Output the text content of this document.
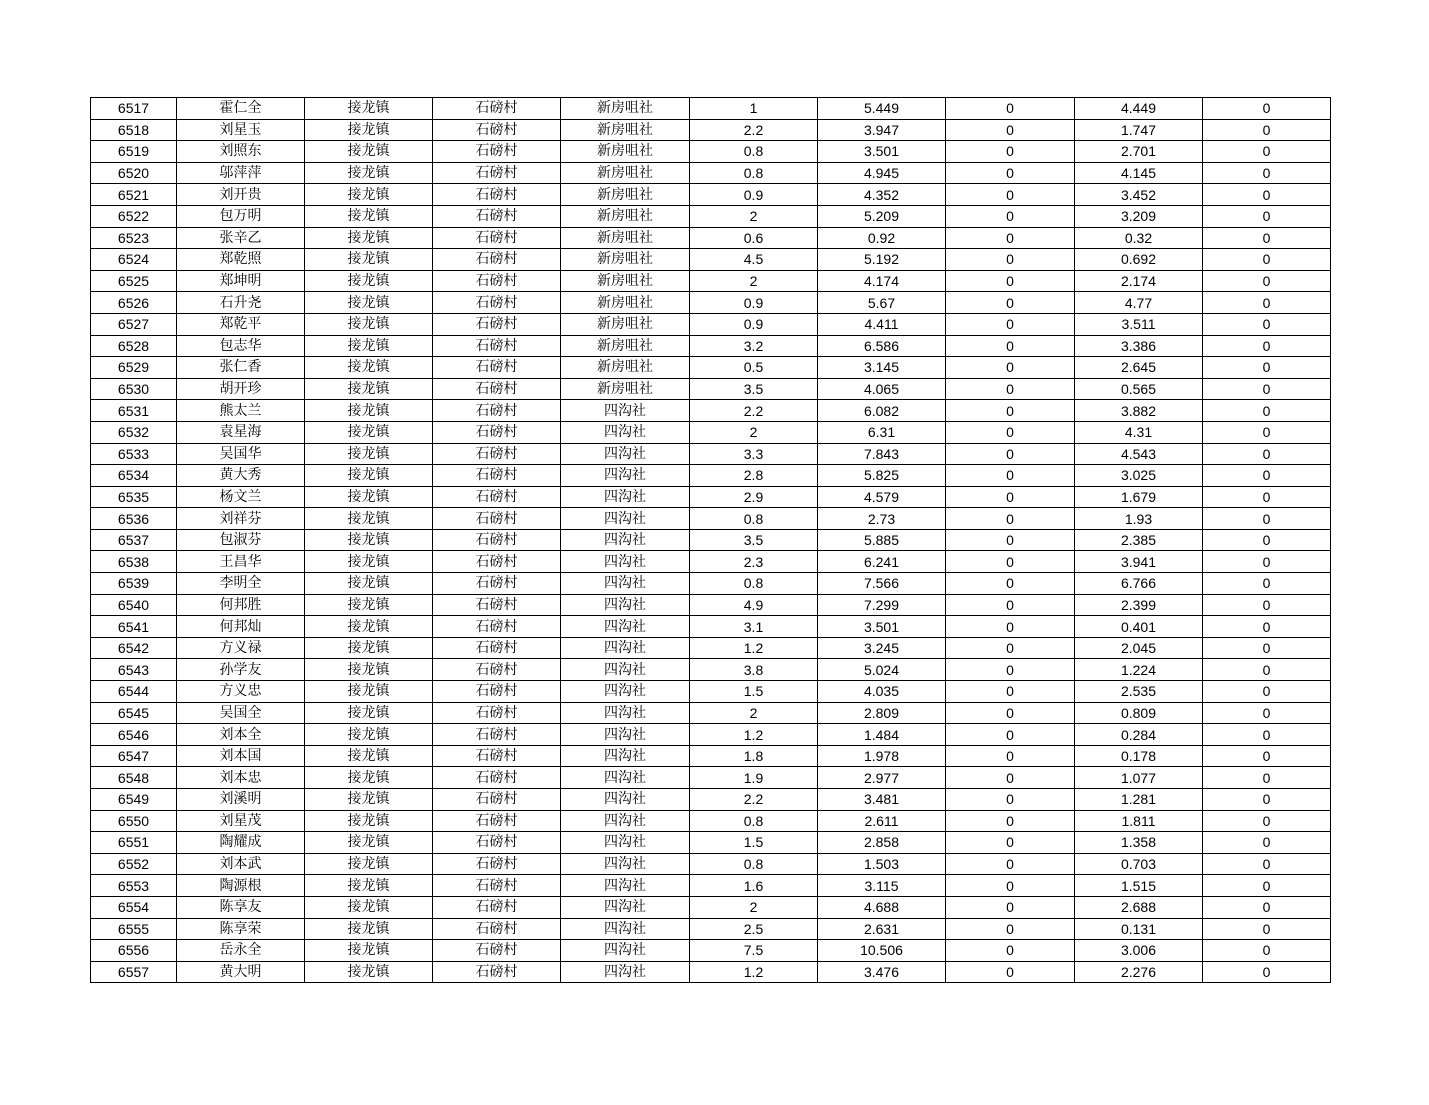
6517	霍仁全	接龙镇	石磅村	新房咀社	1	5.449	0	4.449	0
6518	刘星玉	接龙镇	石磅村	新房咀社	2.2	3.947	0	1.747	0
6519	刘照东	接龙镇	石磅村	新房咀社	0.8	3.501	0	2.701	0
6520	邬萍萍	接龙镇	石磅村	新房咀社	0.8	4.945	0	4.145	0
6521	刘开贵	接龙镇	石磅村	新房咀社	0.9	4.352	0	3.452	0
6522	包万明	接龙镇	石磅村	新房咀社	2	5.209	0	3.209	0
6523	张辛乙	接龙镇	石磅村	新房咀社	0.6	0.92	0	0.32	0
6524	郑乾照	接龙镇	石磅村	新房咀社	4.5	5.192	0	0.692	0
6525	郑坤明	接龙镇	石磅村	新房咀社	2	4.174	0	2.174	0
6526	石升尧	接龙镇	石磅村	新房咀社	0.9	5.67	0	4.77	0
6527	郑乾平	接龙镇	石磅村	新房咀社	0.9	4.411	0	3.511	0
6528	包志华	接龙镇	石磅村	新房咀社	3.2	6.586	0	3.386	0
6529	张仁香	接龙镇	石磅村	新房咀社	0.5	3.145	0	2.645	0
6530	胡开珍	接龙镇	石磅村	新房咀社	3.5	4.065	0	0.565	0
6531	熊太兰	接龙镇	石磅村	四沟社	2.2	6.082	0	3.882	0
6532	袁星海	接龙镇	石磅村	四沟社	2	6.31	0	4.31	0
6533	吴国华	接龙镇	石磅村	四沟社	3.3	7.843	0	4.543	0
6534	黄大秀	接龙镇	石磅村	四沟社	2.8	5.825	0	3.025	0
6535	杨文兰	接龙镇	石磅村	四沟社	2.9	4.579	0	1.679	0
6536	刘祥芬	接龙镇	石磅村	四沟社	0.8	2.73	0	1.93	0
6537	包淑芬	接龙镇	石磅村	四沟社	3.5	5.885	0	2.385	0
6538	王昌华	接龙镇	石磅村	四沟社	2.3	6.241	0	3.941	0
6539	李明全	接龙镇	石磅村	四沟社	0.8	7.566	0	6.766	0
6540	何邦胜	接龙镇	石磅村	四沟社	4.9	7.299	0	2.399	0
6541	何邦灿	接龙镇	石磅村	四沟社	3.1	3.501	0	0.401	0
6542	方义禄	接龙镇	石磅村	四沟社	1.2	3.245	0	2.045	0
6543	孙学友	接龙镇	石磅村	四沟社	3.8	5.024	0	1.224	0
6544	方义忠	接龙镇	石磅村	四沟社	1.5	4.035	0	2.535	0
6545	吴国全	接龙镇	石磅村	四沟社	2	2.809	0	0.809	0
6546	刘本全	接龙镇	石磅村	四沟社	1.2	1.484	0	0.284	0
6547	刘本国	接龙镇	石磅村	四沟社	1.8	1.978	0	0.178	0
6548	刘本忠	接龙镇	石磅村	四沟社	1.9	2.977	0	1.077	0
6549	刘溪明	接龙镇	石磅村	四沟社	2.2	3.481	0	1.281	0
6550	刘星茂	接龙镇	石磅村	四沟社	0.8	2.611	0	1.811	0
6551	陶耀成	接龙镇	石磅村	四沟社	1.5	2.858	0	1.358	0
6552	刘本武	接龙镇	石磅村	四沟社	0.8	1.503	0	0.703	0
6553	陶源根	接龙镇	石磅村	四沟社	1.6	3.115	0	1.515	0
6554	陈享友	接龙镇	石磅村	四沟社	2	4.688	0	2.688	0
6555	陈享荣	接龙镇	石磅村	四沟社	2.5	2.631	0	0.131	0
6556	岳永全	接龙镇	石磅村	四沟社	7.5	10.506	0	3.006	0
6557	黄大明	接龙镇	石磅村	四沟社	1.2	3.476	0	2.276	0
